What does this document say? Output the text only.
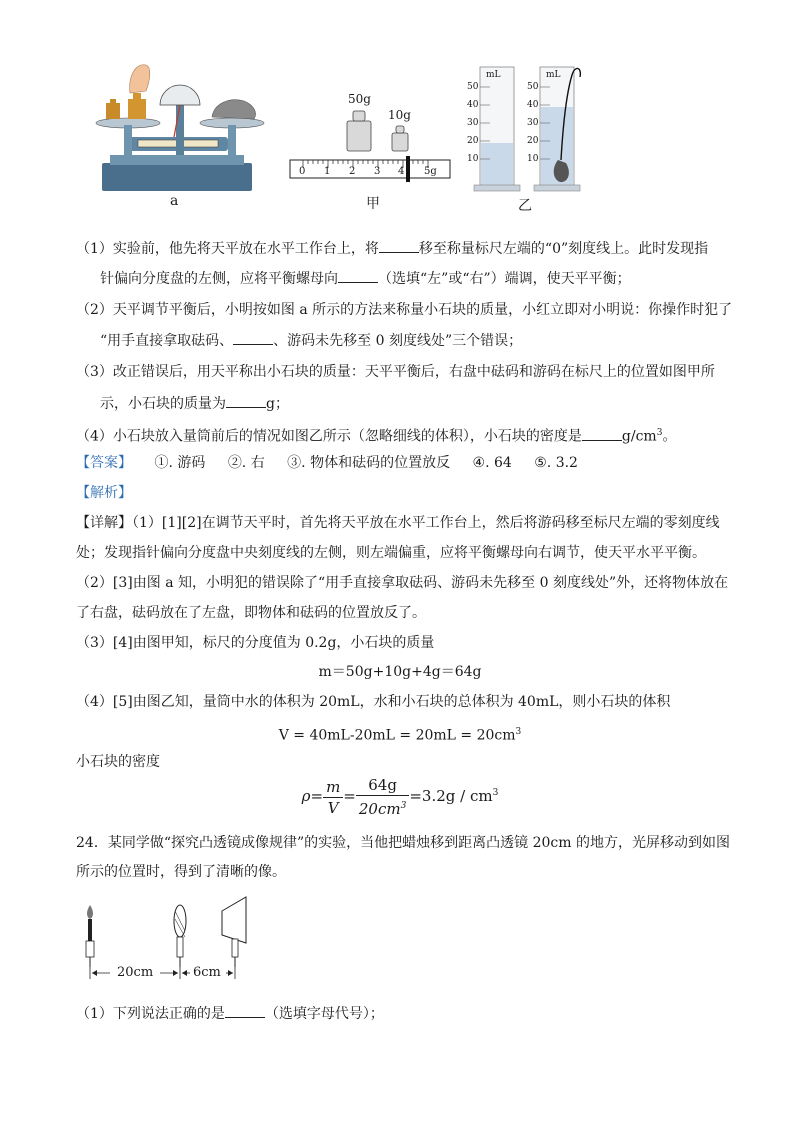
a
50g
10g
0 1 2 3 4 5g
甲
mL	mL
50
40
30
20
10
50
40
30
20
10
乙
（1）实验前，他先将天平放在水平工作台上，将	移至称量标尺左端的“0”刻度线上。此时发现指
针偏向分度盘的左侧，应将平衡螺母向	（选填“左”或“右”）端调，使天平平衡；
（2）天平调节平衡后，小明按如图 a 所示的方法来称量小石块的质量，小红立即对小明说：你操作时犯了
“用手直接拿取砝码、	、游码未先移至 0 刻度线处”三个错误；
（3）改正错误后，用天平称出小石块的质量：天平平衡后，右盘中砝码和游码在标尺上的位置如图甲所
示，小石块的质量为	g；
（4）小石块放入量筒前后的情况如图乙所示（忽略细线的体积），小石块的密度是	$g/cm^3$。
【答案】 ①. 游码 ②. 右 ③. 物体和砝码的位置放反 ④. 64 ⑤. 3.2
【解析】
【详解】（1）[1][2]在调节天平时，首先将天平放在水平工作台上，然后将游码移至标尺左端的零刻度线
处；发现指针偏向分度盘中央刻度线的左侧，则左端偏重，应将平衡螺母向右调节，使天平水平平衡。
（2）[3]由图 a 知，小明犯的错误除了“用手直接拿取砝码、游码未先移至 0 刻度线处”外，还将物体放在
了右盘，砝码放在了左盘，即物体和砝码的位置放反了。
（3）[4]由图甲知，标尺的分度值为 0.2g，小石块的质量
m＝50g+10g+4g＝64g
（4）[5]由图乙知，量筒中水的体积为 20mL，水和小石块的总体积为 40mL，则小石块的体积
$V = 40mL-20mL = 20mL = 20cm^3$
小石块的密度
$\rho= \frac{m}{V} = \frac{64g}{20cm^3} =3.2g / cm^3$
24．某同学做“探究凸透镜成像规律”的实验，当他把蜡烛移到距离凸透镜 20cm 的地方，光屏移动到如图
所示的位置时，得到了清晰的像。
20cm	6cm
（1）下列说法正确的是	（选填字母代号）；
